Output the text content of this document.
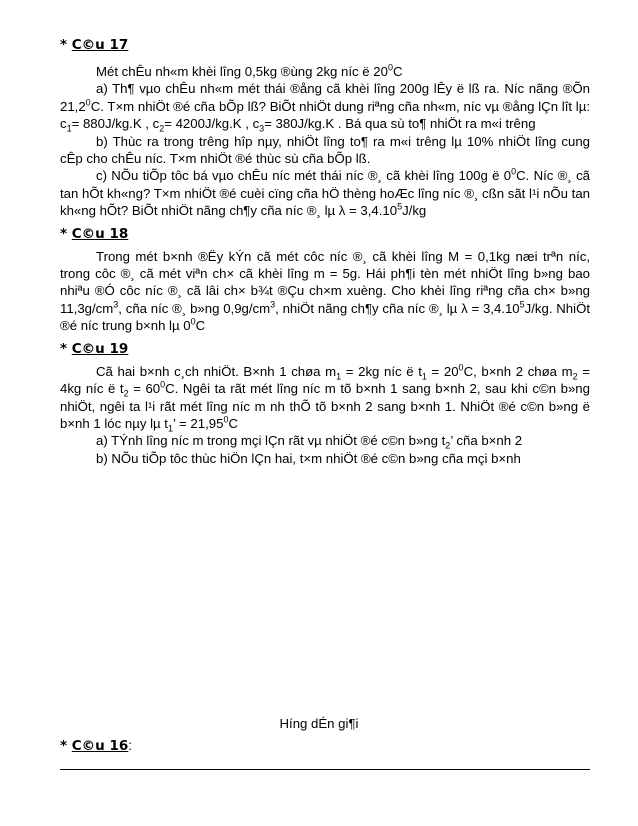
* C©u 17

Mét chÊu nh«m khèi lîng 0,5kg ®ùng 2kg níc ë $20^0C$

a) Th¶ vµo chÊu nh«m mét thái ®ång cã khèi lîng 200g lÊy ë lß ra. Níc nãng ®Õn 21,2$^0$C. T×m nhiÖt ®é cña bÕp lß? BiÕt nhiÖt dung riªng cña nh«m, níc vµ ®ång lÇn lît lµ: $c_1= 880J/kg.K$ , $c_2= 4200J/kg.K$ , $c_3= 380J/kg.K$ . Bá qua sù to¶ nhiÖt ra m«i trêng

b) Thùc ra trong trêng hîp nµy, nhiÖt lîng to¶ ra m«i trêng lµ 10% nhiÖt lîng cung cÊp cho chÊu níc. T×m nhiÖt ®é thùc sù cña bÕp lß.

c) NÕu tiÕp tôc bá vµo chÊu níc mét thái níc ®¸ cã khèi lîng 100g ë $0^0C$. Níc ®¸ cã tan hÕt kh«ng? T×m nhiÖt ®é cuèi cïng cña hÖ thèng hoÆc lîng níc ®¸ cßn sãt l¹i nÕu tan kh«ng hÕt? BiÕt nhiÖt nãng ch¶y cña níc ®¸ lµ $\lambda = 3,4.10^5J/kg$

* C©u 18

Trong mét b×nh ®Ëy kÝn cã mét côc níc ®¸ cã khèi lîng M = 0,1kg næi trªn níc, trong côc ®¸ cã mét viªn ch× cã khèi lîng m = 5g. Hái ph¶i tèn mét nhiÖt lîng b»ng bao nhiªu ®Ó côc níc ®¸ cã lâi ch× b¾t ®Çu ch×m xuèng. Cho khèi lîng riªng cña ch× b»ng $11,3g/cm^3$, cña níc ®¸ b»ng $0,9g/cm^3$, nhiÖt nãng ch¶y cña níc ®¸ lµ $\lambda = 3,4.10^5J/kg$. NhiÖt ®é níc trung b×nh lµ $0^0C$

* C©u 19

Cã hai b×nh c¸ch nhiÖt. B×nh 1 chøa $m_1 = 2kg$ níc ë $t_1 = 20^0C$, b×nh 2 chøa $m_2 = 4kg$ níc ë $t_2 = 60^0C$. Ngêi ta rãt mét lîng níc m tõ b×nh 1 sang b×nh 2, sau khi c©n b»ng nhiÖt, ngêi ta l¹i rãt mét lîng níc m nh thÕ tõ b×nh 2 sang b×nh 1. NhiÖt ®é c©n b»ng ë b×nh 1 lóc nµy lµ $t_1$’ = $21,95^0C$

a) TÝnh lîng níc m trong mçi lÇn rãt vµ nhiÖt ®é c©n b»ng $t_2$’ cña b×nh 2

b) NÕu tiÕp tôc thùc hiÖn lÇn hai, t×m nhiÖt ®é c©n b»ng cña mçi b×nh

Híng dÉn gi¶i
* C©u 16:
